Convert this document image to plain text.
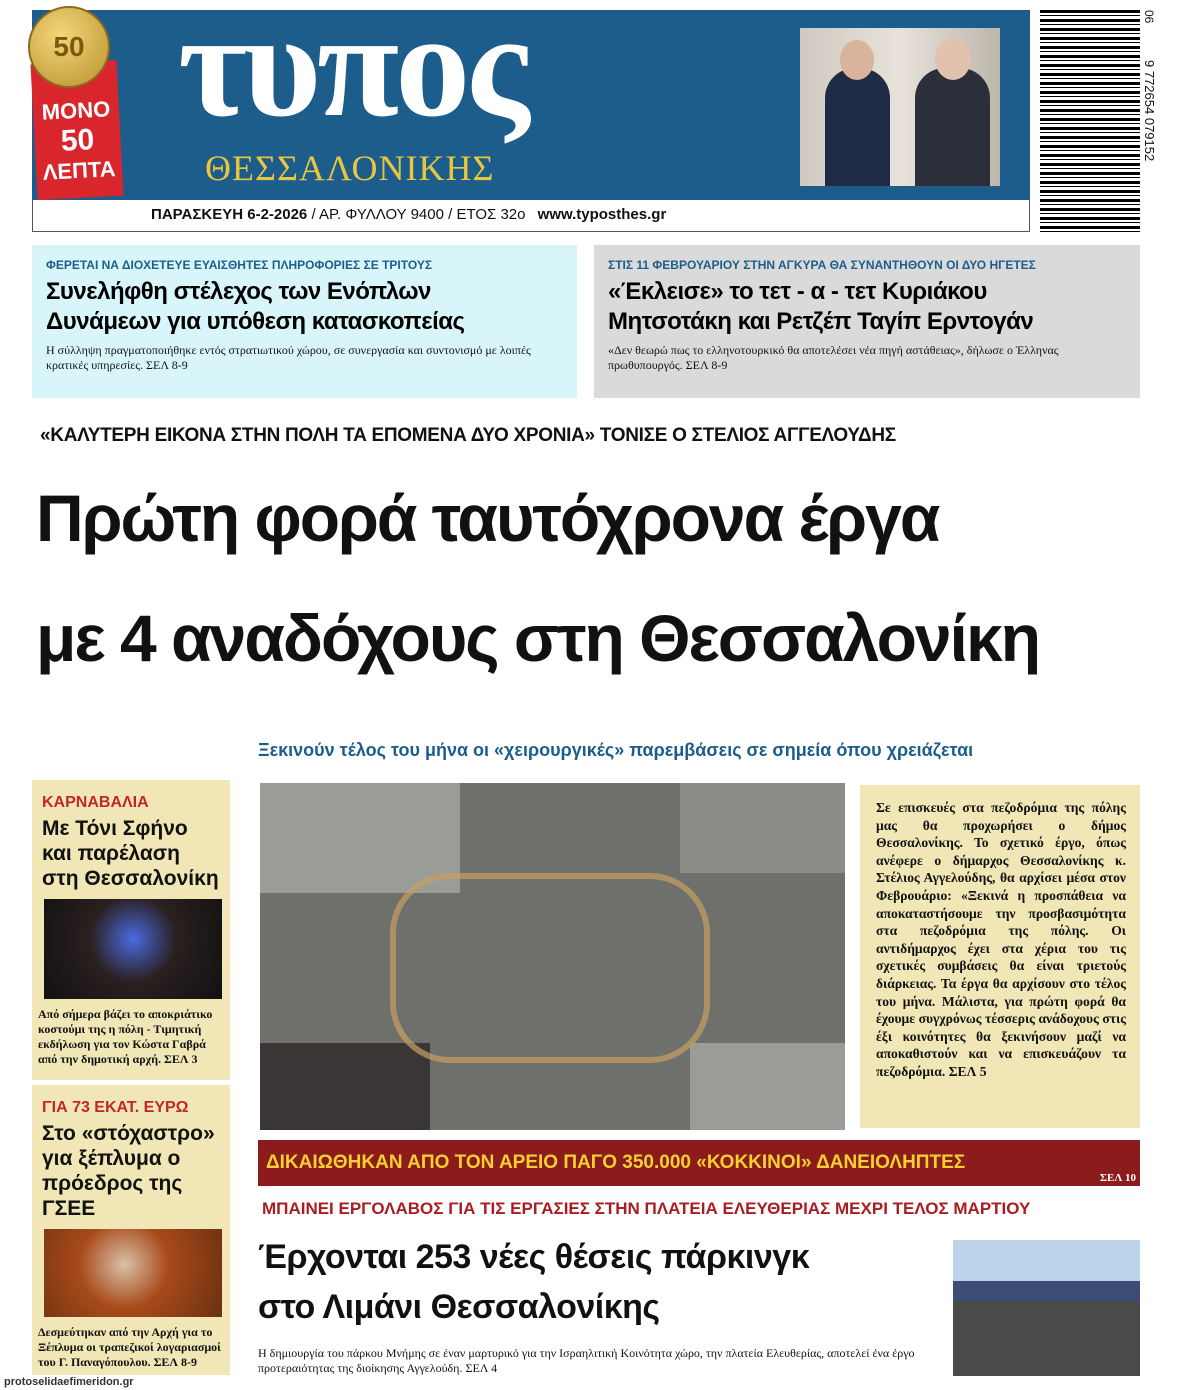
τυπος
ΘΕΣΣΑΛΟΝΙΚΗΣ
ΜΟΝΟ
50
ΛΕΠΤΑ
50
ΠΑΡΑΣΚΕΥΗ 6-2-2026 / ΑΡ. ΦΥΛΛΟΥ 9400 / ΕΤΟΣ 32ο www.typosthes.gr
06
9 772654 079152
ΦΕΡΕΤΑΙ ΝΑ ΔΙΟΧΕΤΕΥΕ ΕΥΑΙΣΘΗΤΕΣ ΠΛΗΡΟΦΟΡΙΕΣ ΣΕ ΤΡΙΤΟΥΣ
Συνελήφθη στέλεχος των Ενόπλων
Δυνάμεων για υπόθεση κατασκοπείας
Η σύλληψη πραγματοποιήθηκε εντός στρατιωτικού χώρου, σε συνεργασία και συντονισμό με λοιπές κρατικές υπηρεσίες. ΣΕΛ 8-9
ΣΤΙΣ 11 ΦΕΒΡΟΥΑΡΙΟΥ ΣΤΗΝ ΑΓΚΥΡΑ ΘΑ ΣΥΝΑΝΤΗΘΟΥΝ ΟΙ ΔΥΟ ΗΓΕΤΕΣ
«Έκλεισε» το τετ - α - τετ Κυριάκου
Μητσοτάκη και Ρετζέπ Ταγίπ Ερντογάν
«Δεν θεωρώ πως το ελληνοτουρκικό θα αποτελέσει νέα πηγή αστάθειας», δήλωσε ο Έλληνας πρωθυπουργός. ΣΕΛ 8-9
«ΚΑΛΥΤΕΡΗ ΕΙΚΟΝΑ ΣΤΗΝ ΠΟΛΗ ΤΑ ΕΠΟΜΕΝΑ ΔΥΟ ΧΡΟΝΙΑ» ΤΟΝΙΣΕ Ο ΣΤΕΛΙΟΣ ΑΓΓΕΛΟΥΔΗΣ
Πρώτη φορά ταυτόχρονα έργα
με 4 αναδόχους στη Θεσσαλονίκη
Ξεκινούν τέλος του μήνα οι «χειρουργικές» παρεμβάσεις σε σημεία όπου χρειάζεται
ΚΑΡΝΑΒΑΛΙΑ
Με Τόνι Σφήνο και παρέλαση στη Θεσσαλονίκη
Από σήμερα βάζει το αποκριάτικο κοστούμι της η πόλη - Τιμητική εκδήλωση για τον Κώστα Γαβρά από την δημοτική αρχή. ΣΕΛ 3
ΓΙΑ 73 ΕΚΑΤ. ΕΥΡΩ
Στο «στόχαστρο» για ξέπλυμα ο πρόεδρος της ΓΣΕΕ
Δεσμεύτηκαν από την Αρχή για το Ξέπλυμα οι τραπεζικοί λογαριασμοί του Γ. Παναγόπουλου. ΣΕΛ 8-9
protoselidaefimeridon.gr
Σε επισκευές στα πεζοδρόμια της πόλης μας θα προχωρήσει ο δήμος Θεσσαλονίκης. Το σχετικό έργο, όπως ανέφερε ο δήμαρχος Θεσσαλονίκης κ. Στέλιος Αγγελούδης, θα αρχίσει μέσα στον Φεβρουάριο: «Ξεκινά η προσπάθεια να αποκαταστήσουμε την προσβασιμότητα στα πεζοδρόμια της πόλης. Οι αντιδήμαρχος έχει στα χέρια του τις σχετικές συμβάσεις θα είναι τριετούς διάρκειας. Τα έργα θα αρχίσουν στο τέλος του μήνα. Μάλιστα, για πρώτη φορά θα έχουμε συγχρόνως τέσσερις ανάδοχους στις έξι κοινότητες θα ξεκινήσουν μαζί να αποκαθιστούν και να επισκευάζουν τα πεζοδρόμια. ΣΕΛ 5
ΔΙΚΑΙΩΘΗΚΑΝ ΑΠΟ ΤΟΝ ΑΡΕΙΟ ΠΑΓΟ 350.000 «ΚΟΚΚΙΝΟΙ» ΔΑΝΕΙΟΛΗΠΤΕΣ
ΣΕΛ 10
ΜΠΑΙΝΕΙ ΕΡΓΟΛΑΒΟΣ ΓΙΑ ΤΙΣ ΕΡΓΑΣΙΕΣ ΣΤΗΝ ΠΛΑΤΕΙΑ ΕΛΕΥΘΕΡΙΑΣ ΜΕΧΡΙ ΤΕΛΟΣ ΜΑΡΤΙΟΥ
Έρχονται 253 νέες θέσεις πάρκινγκ
στο Λιμάνι Θεσσαλονίκης
Η δημιουργία του πάρκου Μνήμης σε έναν μαρτυρικό για την Ισραηλιτική Κοινότητα χώρο, την πλατεία Ελευθερίας, αποτελεί ένα έργο προτεραιότητας της διοίκησης Αγγελούδη. ΣΕΛ 4
